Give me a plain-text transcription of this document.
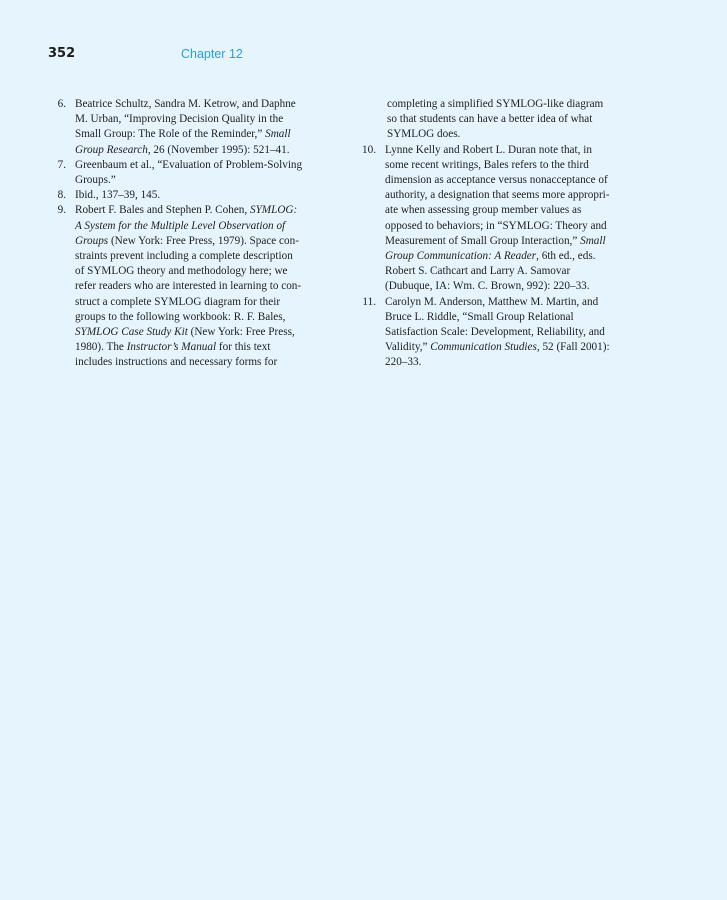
352	Chapter 12
6. Beatrice Schultz, Sandra M. Ketrow, and Daphne
M. Urban, “Improving Decision Quality in the
Small Group: The Role of the Reminder,” Small
Group Research, 26 (November 1995): 521–41.
7. Greenbaum et al., “Evaluation of Problem-Solving
Groups.”
8. Ibid., 137–39, 145.
9. Robert F. Bales and Stephen P. Cohen, SYMLOG:
A System for the Multiple Level Observation of
Groups (New York: Free Press, 1979). Space con-
straints prevent including a complete description
of SYMLOG theory and methodology here; we
refer readers who are interested in learning to con-
struct a complete SYMLOG diagram for their
groups to the following workbook: R. F. Bales,
SYMLOG Case Study Kit (New York: Free Press,
1980). The Instructor’s Manual for this text
includes instructions and necessary forms for
completing a simplified SYMLOG-like diagram
so that students can have a better idea of what
SYMLOG does.
10. Lynne Kelly and Robert L. Duran note that, in
some recent writings, Bales refers to the third
dimension as acceptance versus nonacceptance of
authority, a designation that seems more appropri-
ate when assessing group member values as
opposed to behaviors; in “SYMLOG: Theory and
Measurement of Small Group Interaction,” Small
Group Communication: A Reader, 6th ed., eds.
Robert S. Cathcart and Larry A. Samovar
(Dubuque, IA: Wm. C. Brown, 992): 220–33.
11. Carolyn M. Anderson, Matthew M. Martin, and
Bruce L. Riddle, “Small Group Relational
Satisfaction Scale: Development, Reliability, and
Validity,” Communication Studies, 52 (Fall 2001):
220–33.
